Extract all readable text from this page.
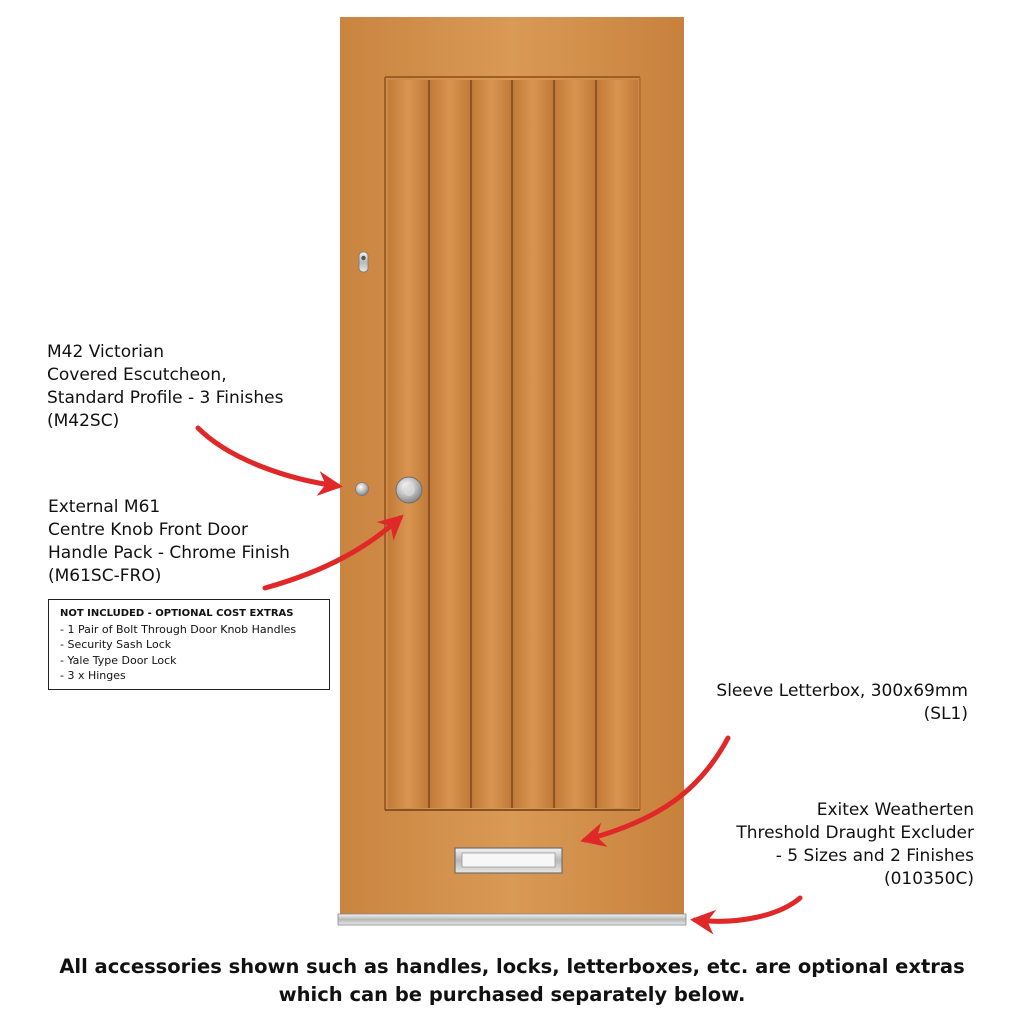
M42 Victorian
Covered Escutcheon,
Standard Profile - 3 Finishes
(M42SC)
External M61
Centre Knob Front Door
Handle Pack - Chrome Finish
(M61SC-FRO)
NOT INCLUDED - OPTIONAL COST EXTRAS
- 1 Pair of Bolt Through Door Knob Handles
- Security Sash Lock
- Yale Type Door Lock
- 3 x Hinges
Sleeve Letterbox, 300x69mm
(SL1)
Exitex Weatherten
Threshold Draught Excluder
- 5 Sizes and 2 Finishes
(010350C)
All accessories shown such as handles, locks, letterboxes, etc. are optional extras
which can be purchased separately below.
